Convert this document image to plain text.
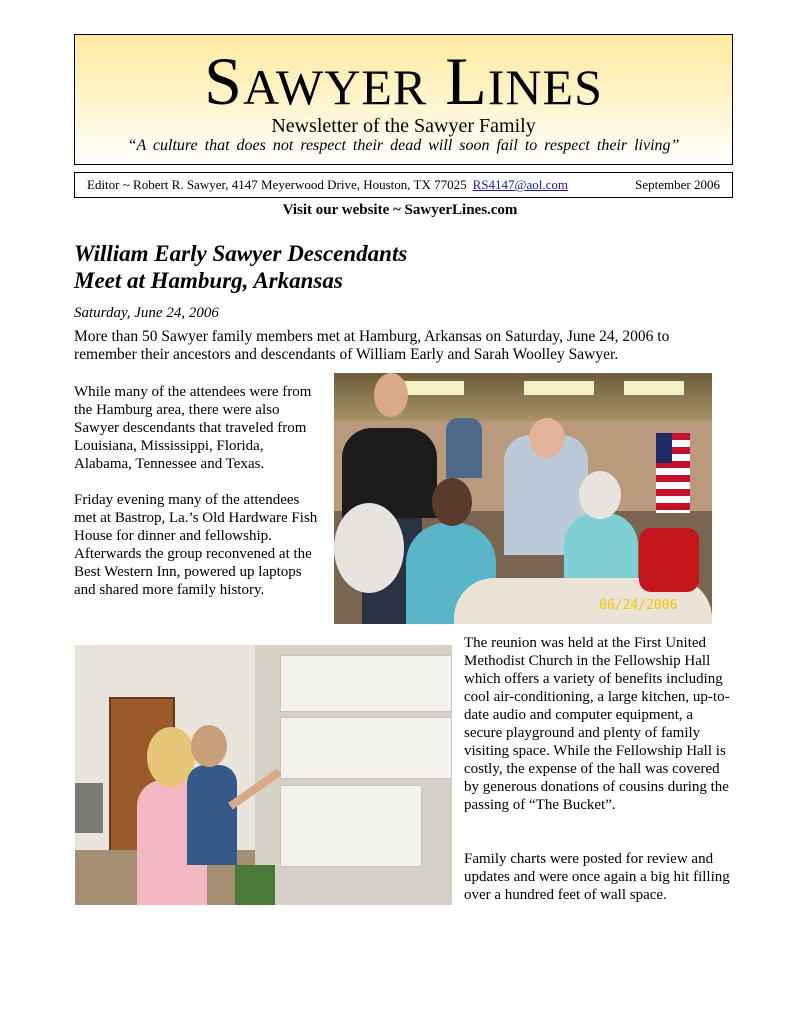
SAWYER LINES
Newsletter of the Sawyer Family
“A culture that does not respect their dead will soon fail to respect their living”
Editor ~ Robert R. Sawyer, 4147 Meyerwood Drive, Houston, TX 77025 RS4147@aol.com	September 2006
Visit our website ~ SawyerLines.com
William Early Sawyer Descendants
Meet at Hamburg, Arkansas
Saturday, June 24, 2006

More than 50 Sawyer family members met at Hamburg, Arkansas on Saturday, June 24, 2006 to remember their ancestors and descendants of William Early and Sarah Woolley Sawyer.

While many of the attendees were from the Hamburg area, there were also Sawyer descendants that traveled from Louisiana, Mississippi, Florida, Alabama, Tennessee and Texas.

Friday evening many of the attendees met at Bastrop, La.’s Old Hardware Fish House for dinner and fellowship. Afterwards the group reconvened at the Best Western Inn, powered up laptops and shared more family history.

The reunion was held at the First United Methodist Church in the Fellowship Hall which offers a variety of benefits including cool air-conditioning, a large kitchen, up-to-date audio and computer equipment, a secure playground and plenty of family visiting space. While the Fellowship Hall is costly, the expense of the hall was covered by generous donations of cousins during the passing of “The Bucket”.

Family charts were posted for review and updates and were once again a big hit filling over a hundred feet of wall space.

06/24/2006
